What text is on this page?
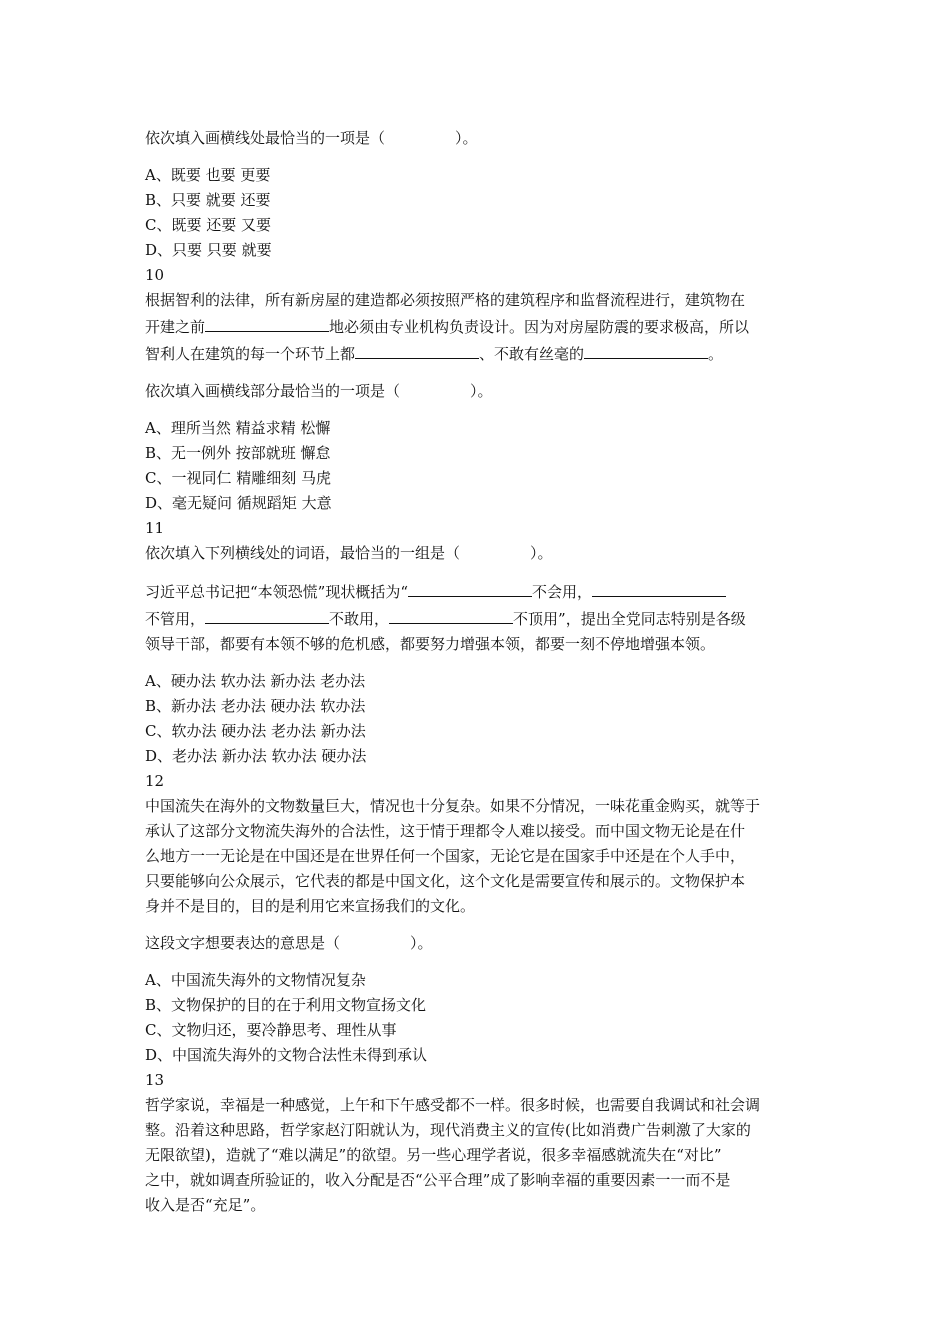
依次填入画横线处最恰当的一项是（	）。
A、既要 也要 更要
B、只要 就要 还要
C、既要 还要 又要
D、只要 只要 就要
10
根据智利的法律，所有新房屋的建造都必须按照严格的建筑程序和监督流程进行，建筑物在
开建之前	地必须由专业机构负责设计。因为对房屋防震的要求极高，所以
智利人在建筑的每一个环节上都	、不敢有丝毫的	。
依次填入画横线部分最恰当的一项是（	）。
A、理所当然 精益求精 松懈
B、无一例外 按部就班 懈怠
C、一视同仁 精雕细刻 马虎
D、毫无疑问 循规蹈矩 大意
11
依次填入下列横线处的词语，最恰当的一组是（	）。
习近平总书记把“本领恐慌”现状概括为“	不会用，
不管用，	不敢用，	不顶用”，提出全党同志特别是各级
领导干部，都要有本领不够的危机感，都要努力增强本领，都要一刻不停地增强本领。
A、硬办法 软办法 新办法 老办法
B、新办法 老办法 硬办法 软办法
C、软办法 硬办法 老办法 新办法
D、老办法 新办法 软办法 硬办法
12
中国流失在海外的文物数量巨大，情况也十分复杂。如果不分情况，一味花重金购买，就等于
承认了这部分文物流失海外的合法性，这于情于理都令人难以接受。而中国文物无论是在什
么地方一一无论是在中国还是在世界任何一个国家，无论它是在国家手中还是在个人手中，
只要能够向公众展示，它代表的都是中国文化，这个文化是需要宣传和展示的。文物保护本
身并不是目的，目的是利用它来宣扬我们的文化。
这段文字想要表达的意思是（	）。
A、中国流失海外的文物情况复杂
B、文物保护的目的在于利用文物宣扬文化
C、文物归还，要冷静思考、理性从事
D、中国流失海外的文物合法性未得到承认
13
哲学家说，幸福是一种感觉，上午和下午感受都不一样。很多时候，也需要自我调试和社会调
整。沿着这种思路，哲学家赵汀阳就认为，现代消费主义的宣传(比如消费广告刺激了大家的
无限欲望)，造就了“难以满足”的欲望。另一些心理学者说，很多幸福感就流失在“对比”
之中，就如调查所验证的，收入分配是否“公平合理”成了影响幸福的重要因素一一而不是
收入是否“充足”。
